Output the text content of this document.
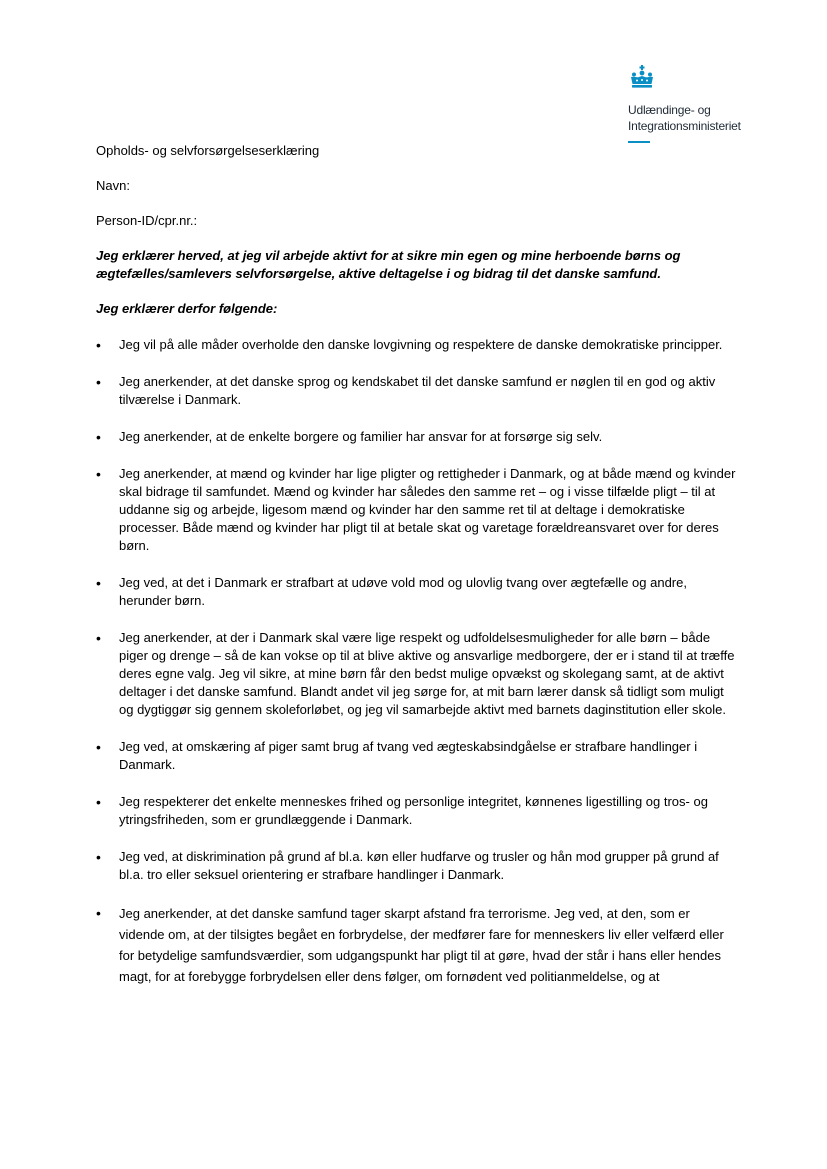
Udlændinge- og
Integrationsministeriet

Opholds- og selvforsørgelseserklæring

Navn:

Person-ID/cpr.nr.:

Jeg erklærer herved, at jeg vil arbejde aktivt for at sikre min egen og mine herboende børns og ægtefælles/samlevers selvforsørgelse, aktive deltagelse i og bidrag til det danske samfund.

Jeg erklærer derfor følgende:

•
Jeg vil på alle måder overholde den danske lovgivning og respektere de danske demokratiske principper.
•
Jeg anerkender, at det danske sprog og kendskabet til det danske samfund er nøglen til en god og aktiv tilværelse i Danmark.
•
Jeg anerkender, at de enkelte borgere og familier har ansvar for at forsørge sig selv.
•
Jeg anerkender, at mænd og kvinder har lige pligter og rettigheder i Danmark, og at både mænd og kvinder skal bidrage til samfundet. Mænd og kvinder har således den samme ret – og i visse tilfælde pligt – til at uddanne sig og arbejde, ligesom mænd og kvinder har den samme ret til at deltage i demokratiske processer. Både mænd og kvinder har pligt til at betale skat og varetage forældreansvaret over for deres børn.
•
Jeg ved, at det i Danmark er strafbart at udøve vold mod og ulovlig tvang over ægtefælle og andre, herunder børn.
•
Jeg anerkender, at der i Danmark skal være lige respekt og udfoldelsesmuligheder for alle børn – både piger og drenge – så de kan vokse op til at blive aktive og ansvarlige medborgere, der er i stand til at træffe deres egne valg. Jeg vil sikre, at mine børn får den bedst mulige opvækst og skolegang samt, at de aktivt deltager i det danske samfund. Blandt andet vil jeg sørge for, at mit barn lærer dansk så tidligt som muligt og dygtiggør sig gennem skoleforløbet, og jeg vil samarbejde aktivt med barnets daginstitution eller skole.
•
Jeg ved, at omskæring af piger samt brug af tvang ved ægteskabsindgåelse er strafbare handlinger i Danmark.
•
Jeg respekterer det enkelte menneskes frihed og personlige integritet, kønnenes ligestilling og tros- og ytringsfriheden, som er grundlæggende i Danmark.
•
Jeg ved, at diskrimination på grund af bl.a. køn eller hudfarve og trusler og hån mod grupper på grund af bl.a. tro eller seksuel orientering er strafbare handlinger i Danmark.
•
Jeg anerkender, at det danske samfund tager skarpt afstand fra terrorisme. Jeg ved, at den, som er vidende om, at der tilsigtes begået en forbrydelse, der medfører fare for menneskers liv eller velfærd eller for betydelige samfundsværdier, som udgangspunkt har pligt til at gøre, hvad der står i hans eller hendes magt, for at forebygge forbrydelsen eller dens følger, om fornødent ved politianmeldelse, og at
